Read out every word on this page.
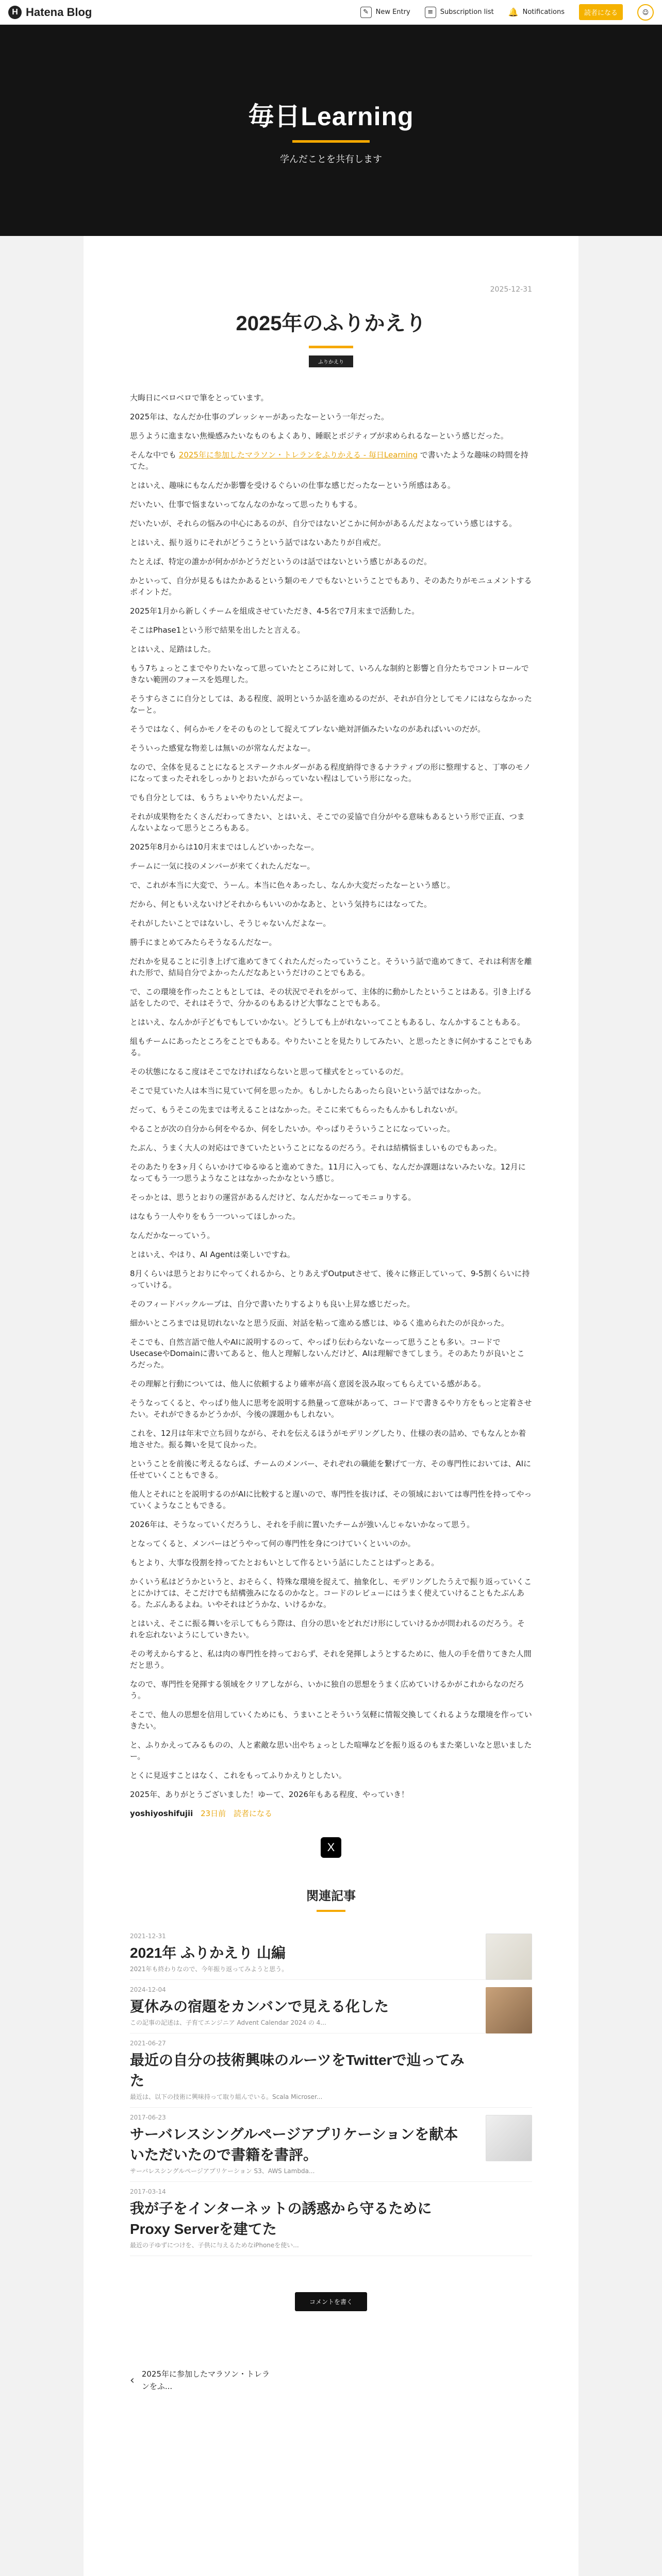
H Hatena Blog	✎	New Entry	≡	Subscription list 🔔 Notifications	読者になる	☺
毎日Learning
学んだことを共有します
2025-12-31
2025年のふりかえり
ふりかえり

大晦日にベロベロで筆をとっています。

2025年は、なんだか仕事のプレッシャーがあったなーという一年だった。

思うように進まない焦燥感みたいなものもよくあり、睡眠とポジティブが求められるなーという感じだった。

そんな中でも 2025年に参加したマラソン・トレランをふりかえる - 毎日Learning で書いたような趣味の時間を持てた。

とはいえ、趣味にもなんだか影響を受けるぐらいの仕事な感じだったなーという所感はある。

だいたい、仕事で悩まないってなんなのかなって思ったりもする。

だいたいが、それらの悩みの中心にあるのが、自分ではないどこかに何かがあるんだよなっていう感じはする。

とはいえ、振り返りにそれがどうこうという話ではないあたりが自戒だ。

たとえば、特定の誰かが何かがかどうだというのは話ではないという感じがあるのだ。

かといって、自分が見るもはたかあるという類のモノでもないということでもあり、そのあたりがモニュメントするポイントだ。

2025年1月から新しくチームを組成させていただき、4-5名で7月末まで活動した。

そこはPhase1という形で結果を出したと言える。

とはいえ、足踏はした。

もう7ちょっとこまでやりたいなって思っていたところに対して、いろんな制約と影響と自分たちでコントロールできない範囲のフォースを処理した。

そうすらさこに自分としては、ある程度、説明というか話を進めるのだが、それが自分としてモノにはならなかったなーと。

そうではなく、何らかモノをそのものとして捉えてブレない絶対評価みたいなのがあればいいのだが。

そういった感覚な物差しは無いのが常なんだよなー。

なので、全体を見ることになるとステークホルダーがある程度納得できるナラティブの形に整理すると、丁寧のモノになってまったそれをしっかりとおいたがらっていない程はしていう形になった。

でも自分としては、もうちょいやりたいんだよー。

それが成果物をたくさんだわってきたい、とはいえ、そこでの妥協で自分がやる意味もあるという形で正直、つまんないよなって思うところもある。

2025年8月からは10月末まではしんどいかったなー。

チームに一気に技のメンバーが来てくれたんだなー。

で、これが本当に大変で、うーん。本当に色々あったし、なんか大変だったなーという感じ。

だから、何ともいえないけどそれからもいいのかなあと、という気持ちにはなってた。

それがしたいことではないし、そうじゃないんだよなー。

勝手にまとめてみたらそうなるんだなー。

だれかを見ることに引き上げて進めてきてくれたんだったっていうこと。そういう話で進めてきて、それは利害を離れた形で、結局自分でよかったんだなあというだけのことでもある。

で、この環境を作ったこともとしては、その状況でそれをがって、主体的に動かしたということはある。引き上げる話をしたので、それはそうで、分かるのもあるけど大事なことでもある。

とはいえ、なんかが子どもでもしていかない。どうしても上がれないってこともあるし、なんかすることもある。

組もチームにあったところをことでもある。やりたいことを見たりしてみたい、と思ったときに何かすることでもある。

その状態になるこ度はそこでなければならないと思って様式をとっているのだ。

そこで見ていた人は本当に見ていて何を思ったか。もしかしたらあったら良いという話ではなかった。

だって、もうそこの先までは考えることはなかった。そこに来てもらったもんかもしれないが。

やることが次の自分から何をやるか、何をしたいか。やっぱりそういうことになっていった。

たぶん、うまく大人の対応はできていたということになるのだろう。それは結構悩ましいものでもあった。

そのあたりを3ヶ月くらいかけてゆるゆると進めてきた。11月に入っても、なんだか課題はないみたいな。12月になってもう一つ思うようなことはなかったかなという感じ。

そっかとは、思うとおりの運営があるんだけど、なんだかなーってモニョりする。

はなもう一人やりをもう一ついってほしかった。

なんだかなーっていう。

とはいえ、やはり、AI Agentは楽しいですね。

8月くらいは思うとおりにやってくれるから、とりあえずOutputさせて、後々に修正していって、9-5割くらいに持っていける。

そのフィードバックループは、自分で書いたりするよりも良い上昇な感じだった。

細かいところまでは見切れないなと思う反面、対話を粘って進める感じは、ゆるく進められたのが良かった。

そこでも、自然言語で他人やAIに説明するのって、やっぱり伝わらないなーって思うことも多い。コードでUsecaseやDomainに書いてあると、他人と理解しないんだけど、AIは理解できてしまう。そのあたりが良いところだった。

その理解と行動については、他人に依頼するより確率が高く意図を汲み取ってもらえている感がある。

そうなってくると、やっぱり他人に思考を説明する熱量って意味があって、コードで書きるやり方をもっと定着させたい。それができるかどうかが、今後の課題かもしれない。

これを、12月は年末で立ち回りながら、それを伝えるほうがモデリングしたり、仕様の表の詰め、でもなんとか着地させた。振る舞いを見て良かった。

ということを前後に考えるならば、チームのメンバー、それぞれの職能を繋げて一方、その専門性においては、AIに任せていくこともできる。

他人とそれにとを説明するのがAIに比較すると遅いので、専門性を抜けば、その領域においては専門性を持ってやっていくようなこともできる。

2026年は、そうなっていくだろうし、それを手前に置いたチームが強いんじゃないかなって思う。

となってくると、メンバーはどうやって何の専門性を身につけていくといいのか。

もとより、大事な役割を持ってたとおもいとして作るという話にしたことはずっとある。

かくいう私はどうかというと、おそらく、特殊な環境を捉えて、抽象化し、モデリングしたうえで振り返っていくことにかけては、そこだけでも結構強みになるのかなと。コードのレビューにはうまく使えていけることもたぶんある。たぶんあるよね。いやそれはどうかな、いけるかな。

とはいえ、そこに振る舞いを示してもらう際は、自分の思いをどれだけ形にしていけるかが問われるのだろう。それを忘れないようにしていきたい。

その考えからすると、私は肉の専門性を持っておらず、それを発揮しようとするために、他人の手を借りてきた人間だと思う。

なので、専門性を発揮する領域をクリアしながら、いかに独自の思想をうまく広めていけるかがこれからなのだろう。

そこで、他人の思想を信用していくためにも、うまいことそういう気軽に情報交換してくれるような環境を作っていきたい。

と、ふりかえってみるものの、人と素敵な思い出やちょっとした喧嘩などを振り返るのもまた楽しいなと思いましたー。

とくに見返すことはなく、これをもってふりかえりとしたい。

2025年、ありがとうございました！ゆーて、2026年もある程度、やっていき！

yoshiyoshifujii 23日前 読者になる
X
関連記事
2021-12-31
2021年 ふりかえり 山編
2021年も終わりなので、今年振り返ってみようと思う。
2024-12-04
夏休みの宿題をカンバンで見える化した
この記事の記述は、子育てエンジニア Advent Calendar 2024 の 4...
2021-06-27
最近の自分の技術興味のルーツをTwitterで辿ってみた
最近は、以下の技術に興味持って取り組んでいる。Scala Microser...
2017-06-23
サーバレスシングルページアプリケーションを献本いただいたので書籍を書評。
サーバレスシングルページアプリケーション S3、AWS Lambda...
2017-03-14
我が子をインターネットの誘惑から守るためにProxy Serverを建てた
最近の子ゆずにつけを、子供に与えるためなiPhoneを使い...
コメントを書く
‹ 2025年に参加したマラソン・トレランをふ...
